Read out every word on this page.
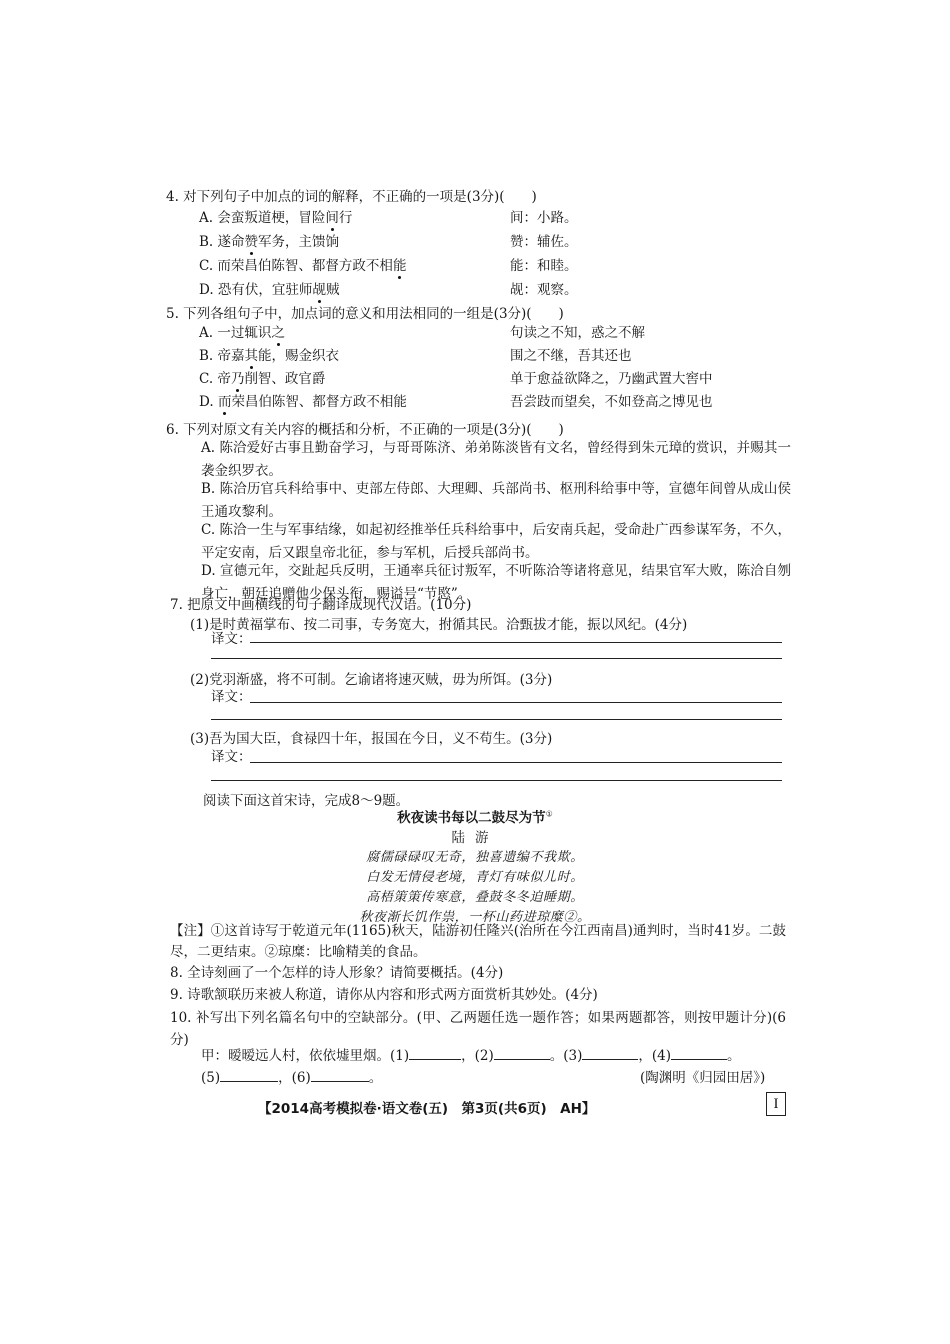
4. 对下列句子中加点的词的解释，不正确的一项是(3分)(　　)
A. 会蛮叛道梗，冒险间行	间：小路。
B. 遂命赞军务，主馈饷	赞：辅佐。
C. 而荣昌伯陈智、都督方政不相能	能：和睦。
D. 恐有伏，宜驻师觇贼	觇：观察。
5. 下列各组句子中，加点词的意义和用法相同的一组是(3分)(　　)
A. 一过辄识之	句读之不知，惑之不解
B. 帝嘉其能，赐金织衣	围之不继，吾其还也
C. 帝乃削智、政官爵	单于愈益欲降之，乃幽武置大窖中
D. 而荣昌伯陈智、都督方政不相能	吾尝跂而望矣，不如登高之博见也
6. 下列对原文有关内容的概括和分析，不正确的一项是(3分)(　　)
A. 陈洽爱好古事且勤奋学习，与哥哥陈济、弟弟陈淡皆有文名，曾经得到朱元璋的赏识，并赐其一袭金织罗衣。
B. 陈洽历官兵科给事中、吏部左侍郎、大理卿、兵部尚书、枢刑科给事中等，宣德年间曾从成山侯王通攻黎利。
C. 陈洽一生与军事结缘，如起初经推举任兵科给事中，后安南兵起，受命赴广西参谋军务，不久，平定安南，后又跟皇帝北征，参与军机，后授兵部尚书。
D. 宣德元年，交趾起兵反明，王通率兵征讨叛军，不听陈洽等诸将意见，结果官军大败，陈洽自刎身亡，朝廷追赠他少保头衔，赐谥号“节愍”。
7. 把原文中画横线的句子翻译成现代汉语。(10分)
(1)是时黄福掌布、按二司事，专务宽大，拊循其民。洽甄拔才能，振以风纪。(4分)
译文：
(2)党羽渐盛，将不可制。乞谕诸将速灭贼，毋为所饵。(3分)
译文：
(3)吾为国大臣，食禄四十年，报国在今日，义不苟生。(3分)
译文：
阅读下面这首宋诗，完成8～9题。
秋夜读书每以二鼓尽为节①
陆游
腐儒碌碌叹无奇，独喜遗编不我欺。
白发无情侵老境，青灯有味似儿时。
高梧策策传寒意，叠鼓冬冬迫睡期。
秋夜渐长饥作祟，一杯山药进琼糜②。
【注】①这首诗写于乾道元年(1165)秋天，陆游初任隆兴(治所在今江西南昌)通判时，当时41岁。二鼓尽，二更结束。②琼糜：比喻精美的食品。
8. 全诗刻画了一个怎样的诗人形象？请简要概括。(4分)
9. 诗歌颔联历来被人称道，请你从内容和形式两方面赏析其妙处。(4分)
10. 补写出下列名篇名句中的空缺部分。(甲、乙两题任选一题作答；如果两题都答，则按甲题计分)(6分)
甲：暧暧远人村，依依墟里烟。(1)	，(2)	。(3)	，(4)	。
(5)	，(6)	。	(陶渊明《归园田居》)
【2014高考模拟卷·语文卷(五)　第3页(共6页)　AH】	I
